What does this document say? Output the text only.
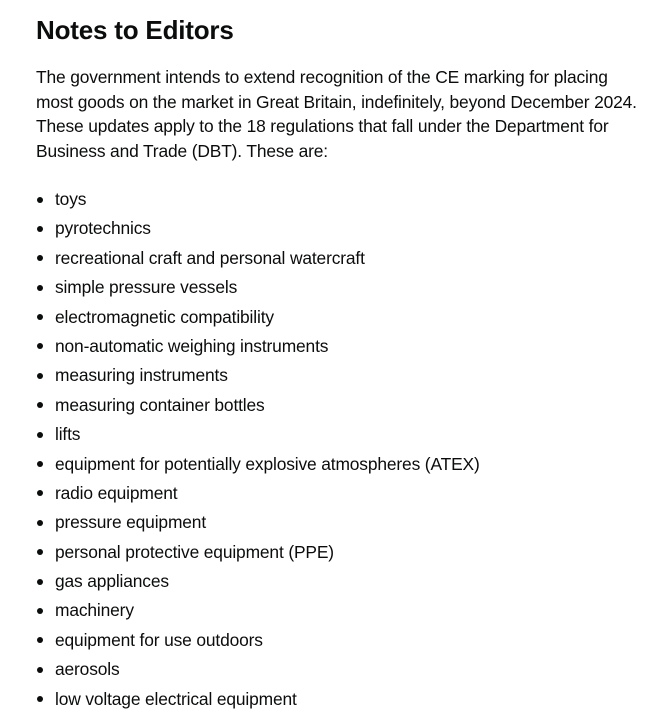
Notes to Editors

The government intends to extend recognition of the CE marking for placing most goods on the market in Great Britain, indefinitely, beyond December 2024. These updates apply to the 18 regulations that fall under the Department for Business and Trade (DBT). These are:

toys
pyrotechnics
recreational craft and personal watercraft
simple pressure vessels
electromagnetic compatibility
non-automatic weighing instruments
measuring instruments
measuring container bottles
lifts
equipment for potentially explosive atmospheres (ATEX)
radio equipment
pressure equipment
personal protective equipment (PPE)
gas appliances
machinery
equipment for use outdoors
aerosols
low voltage electrical equipment
